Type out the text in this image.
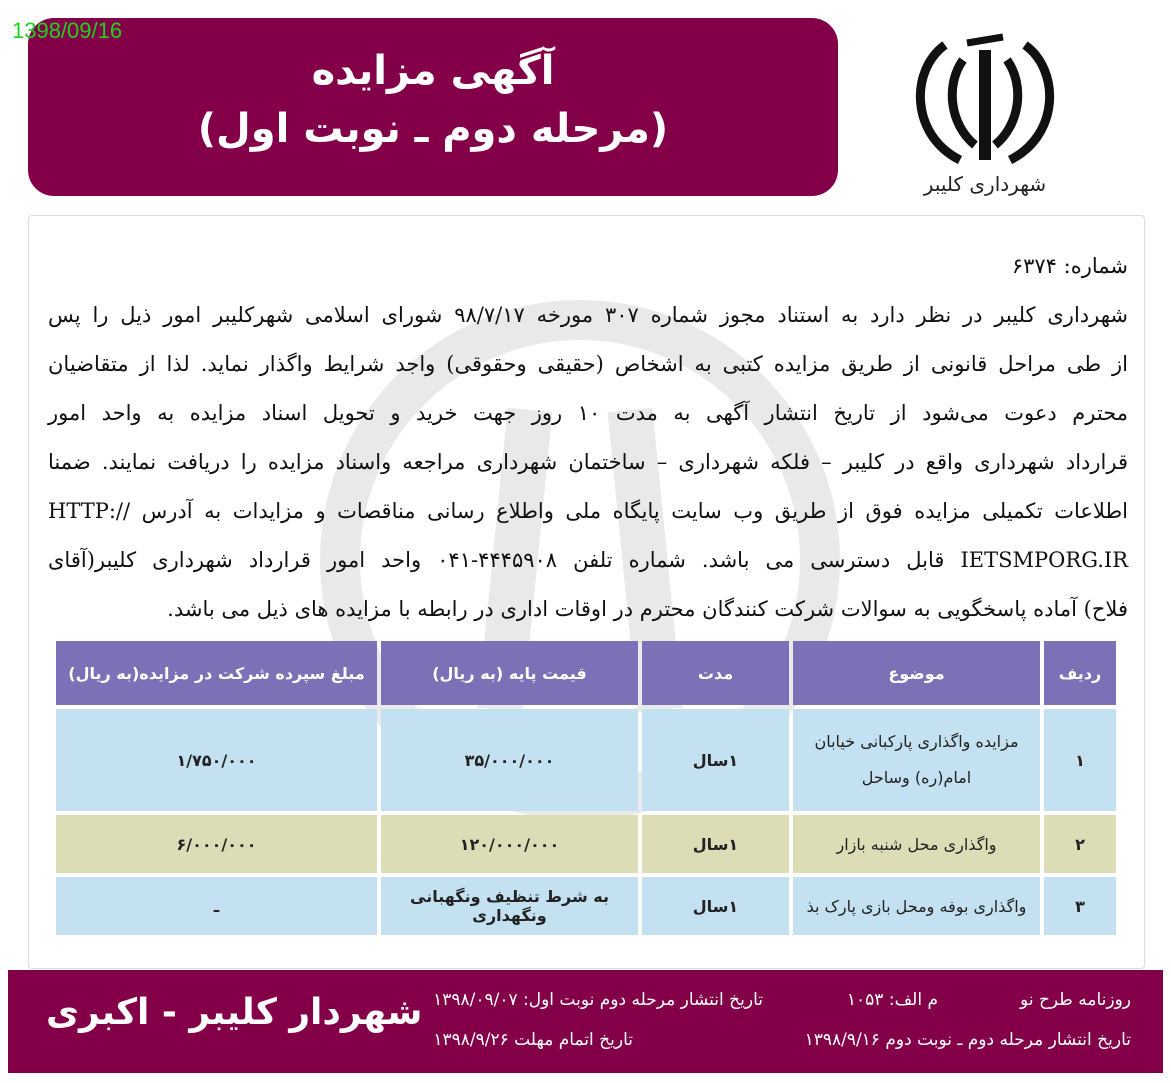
آگهی مزایده
(مرحله دوم ـ نوبت اول)
1398/09/16
شهرداری کلیبر
شماره: ۶۳۷۴
شهرداری کلیبر در نظر دارد به استناد مجوز شماره ۳۰۷ مورخه ۹۸/۷/۱۷ شورای اسلامی شهرکلیبر امور ذیل را پس
از طی مراحل قانونی از طریق مزایده کتبی به اشخاص (حقیقی وحقوقی) واجد شرایط واگذار نماید. لذا از متقاضیان
محترم دعوت می‌شود از تاریخ انتشار آگهی به مدت ۱۰ روز جهت خرید و تحویل اسناد مزایده به واحد امور
قرارداد شهرداری واقع در کلیبر – فلکه شهرداری – ساختمان شهرداری مراجعه واسناد مزایده را دریافت نمایند. ضمنا
اطلاعات تکمیلی مزایده فوق از طریق وب سایت پایگاه ملی واطلاع رسانی مناقصات و مزایدات به آدرس //:HTTP
IETSMPORG.IR قابل دسترسی می باشد. شماره تلفن ۴۴۴۵۹۰۸-۰۴۱ واحد امور قرارداد شهرداری کلیبر(آقای
فلاح) آماده پاسخگویی به سوالات شرکت کنندگان محترم در اوقات اداری در رابطه با مزایده های ذیل می باشد.
ردیف	موضوع	مدت	قیمت پایه (به ریال)	مبلغ سپرده شرکت در مزایده(به ریال)
۱	مزایده واگذاری پارکبانی خیابان امام(ره) وساحل	۱سال	۳۵/۰۰۰/۰۰۰	۱/۷۵۰/۰۰۰
۲	واگذاری محل شنبه بازار	۱سال	۱۲۰/۰۰۰/۰۰۰	۶/۰۰۰/۰۰۰
۳	واگذاری بوفه ومحل بازی پارک بذ	۱سال	به شرط تنظیف ونگهبانی ونگهداری	ـ
روزنامه طرح نو
م الف: ۱۰۵۳
تاریخ انتشار مرحله دوم نوبت اول: ۱۳۹۸/۰۹/۰۷
تاریخ انتشار مرحله دوم ـ نوبت دوم ۱۳۹۸/۹/۱۶
تاریخ اتمام مهلت ۱۳۹۸/۹/۲۶
شهردار کلیبر - اکبری
